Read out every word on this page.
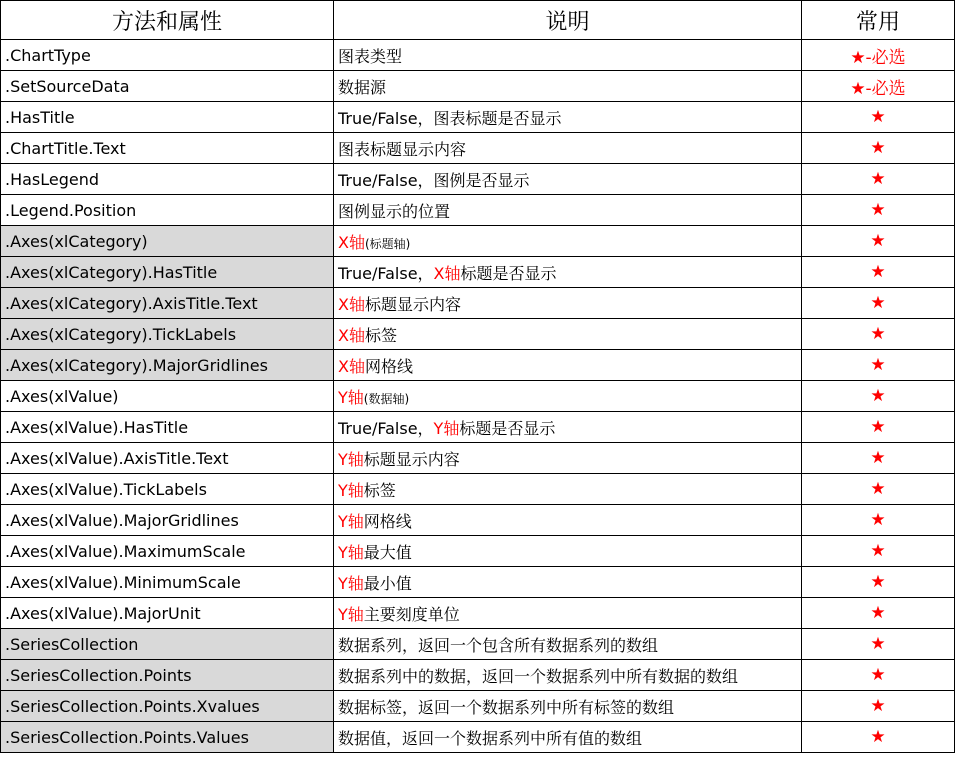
方法和属性	说明	常用
.ChartType	图表类型	★-必选
.SetSourceData	数据源	★-必选
.HasTitle	True/False，图表标题是否显示	★
.ChartTitle.Text	图表标题显示内容	★
.HasLegend	True/False，图例是否显示	★
.Legend.Position	图例显示的位置	★
.Axes(xlCategory)	X轴(标题轴)	★
.Axes(xlCategory).HasTitle	True/False，X轴标题是否显示	★
.Axes(xlCategory).AxisTitle.Text	X轴标题显示内容	★
.Axes(xlCategory).TickLabels	X轴标签	★
.Axes(xlCategory).MajorGridlines	X轴网格线	★
.Axes(xlValue)	Y轴(数据轴)	★
.Axes(xlValue).HasTitle	True/False，Y轴标题是否显示	★
.Axes(xlValue).AxisTitle.Text	Y轴标题显示内容	★
.Axes(xlValue).TickLabels	Y轴标签	★
.Axes(xlValue).MajorGridlines	Y轴网格线	★
.Axes(xlValue).MaximumScale	Y轴最大值	★
.Axes(xlValue).MinimumScale	Y轴最小值	★
.Axes(xlValue).MajorUnit	Y轴主要刻度单位	★
.SeriesCollection	数据系列，返回一个包含所有数据系列的数组	★
.SeriesCollection.Points	数据系列中的数据，返回一个数据系列中所有数据的数组	★
.SeriesCollection.Points.Xvalues	数据标签，返回一个数据系列中所有标签的数组	★
.SeriesCollection.Points.Values	数据值，返回一个数据系列中所有值的数组	★
